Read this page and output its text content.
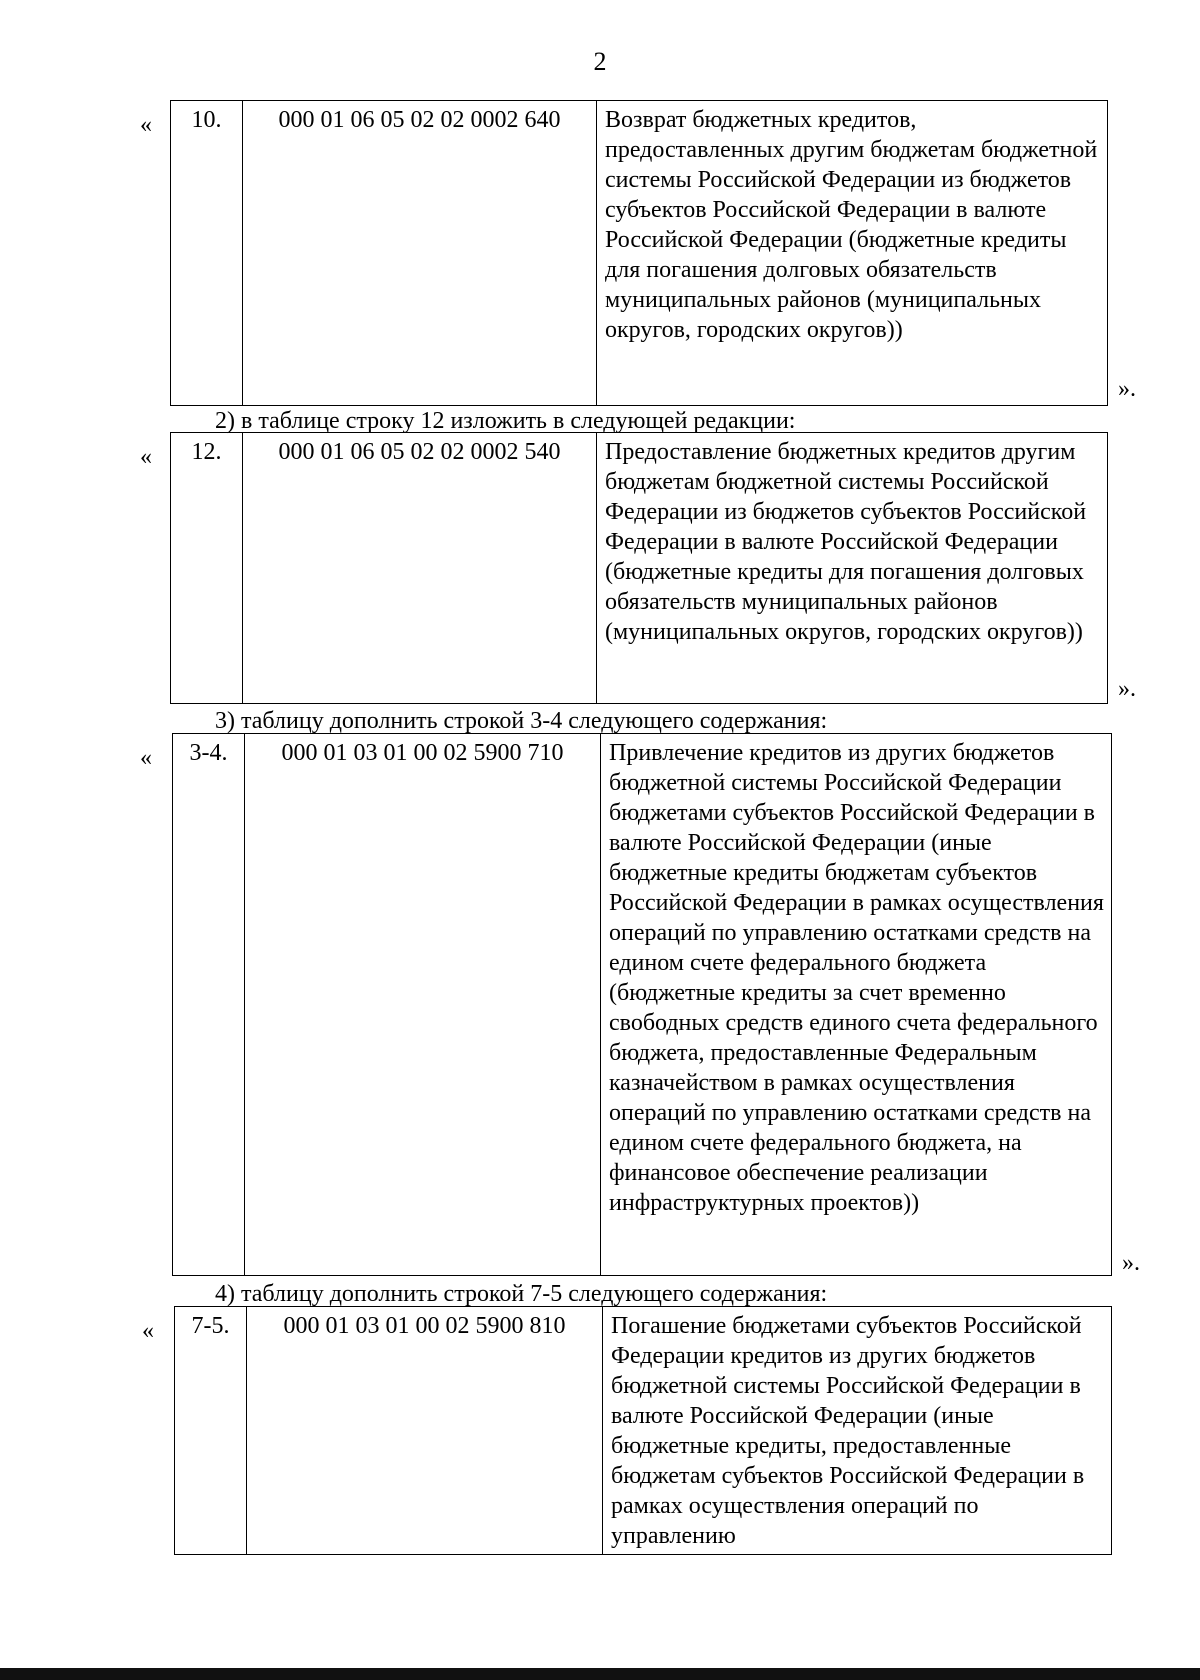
2
«	10.	000 01 06 05 02 02 0002 640	Возврат бюджетных кредитов, предоставленных другим бюджетам бюджетной системы Российской Федерации из бюджетов субъектов Российской Федерации в валюте Российской Федерации (бюджетные кредиты для погашения долговых обязательств муниципальных районов (муниципальных округов, городских округов))
».
2) в таблице строку 12 изложить в следующей редакции:
«	12.	000 01 06 05 02 02 0002 540	Предоставление бюджетных кредитов другим бюджетам бюджетной системы Российской Федерации из бюджетов субъектов Российской Федерации в валюте Российской Федерации (бюджетные кредиты для погашения долговых обязательств муниципальных районов (муниципальных округов, городских округов))
».
3) таблицу дополнить строкой 3-4 следующего содержания:
«	3-4.	000 01 03 01 00 02 5900 710	Привлечение кредитов из других бюджетов бюджетной системы Российской Федерации бюджетами субъектов Российской Федерации в валюте Российской Федерации (иные бюджетные кредиты бюджетам субъектов Российской Федерации в рамках осуществления операций по управлению остатками средств на едином счете федерального бюджета (бюджетные кредиты за счет временно свободных средств единого счета федерального бюджета, предоставленные Федеральным казначейством в рамках осуществления операций по управлению остатками средств на едином счете федерального бюджета, на финансовое обеспечение реализации инфраструктурных проектов))
».
4) таблицу дополнить строкой 7-5 следующего содержания:
«	7-5.	000 01 03 01 00 02 5900 810	Погашение бюджетами субъектов Российской Федерации кредитов из других бюджетов бюджетной системы Российской Федерации в валюте Российской Федерации (иные бюджетные кредиты, предоставленные бюджетам субъектов Российской Федерации в рамках осуществления операций по управлению
